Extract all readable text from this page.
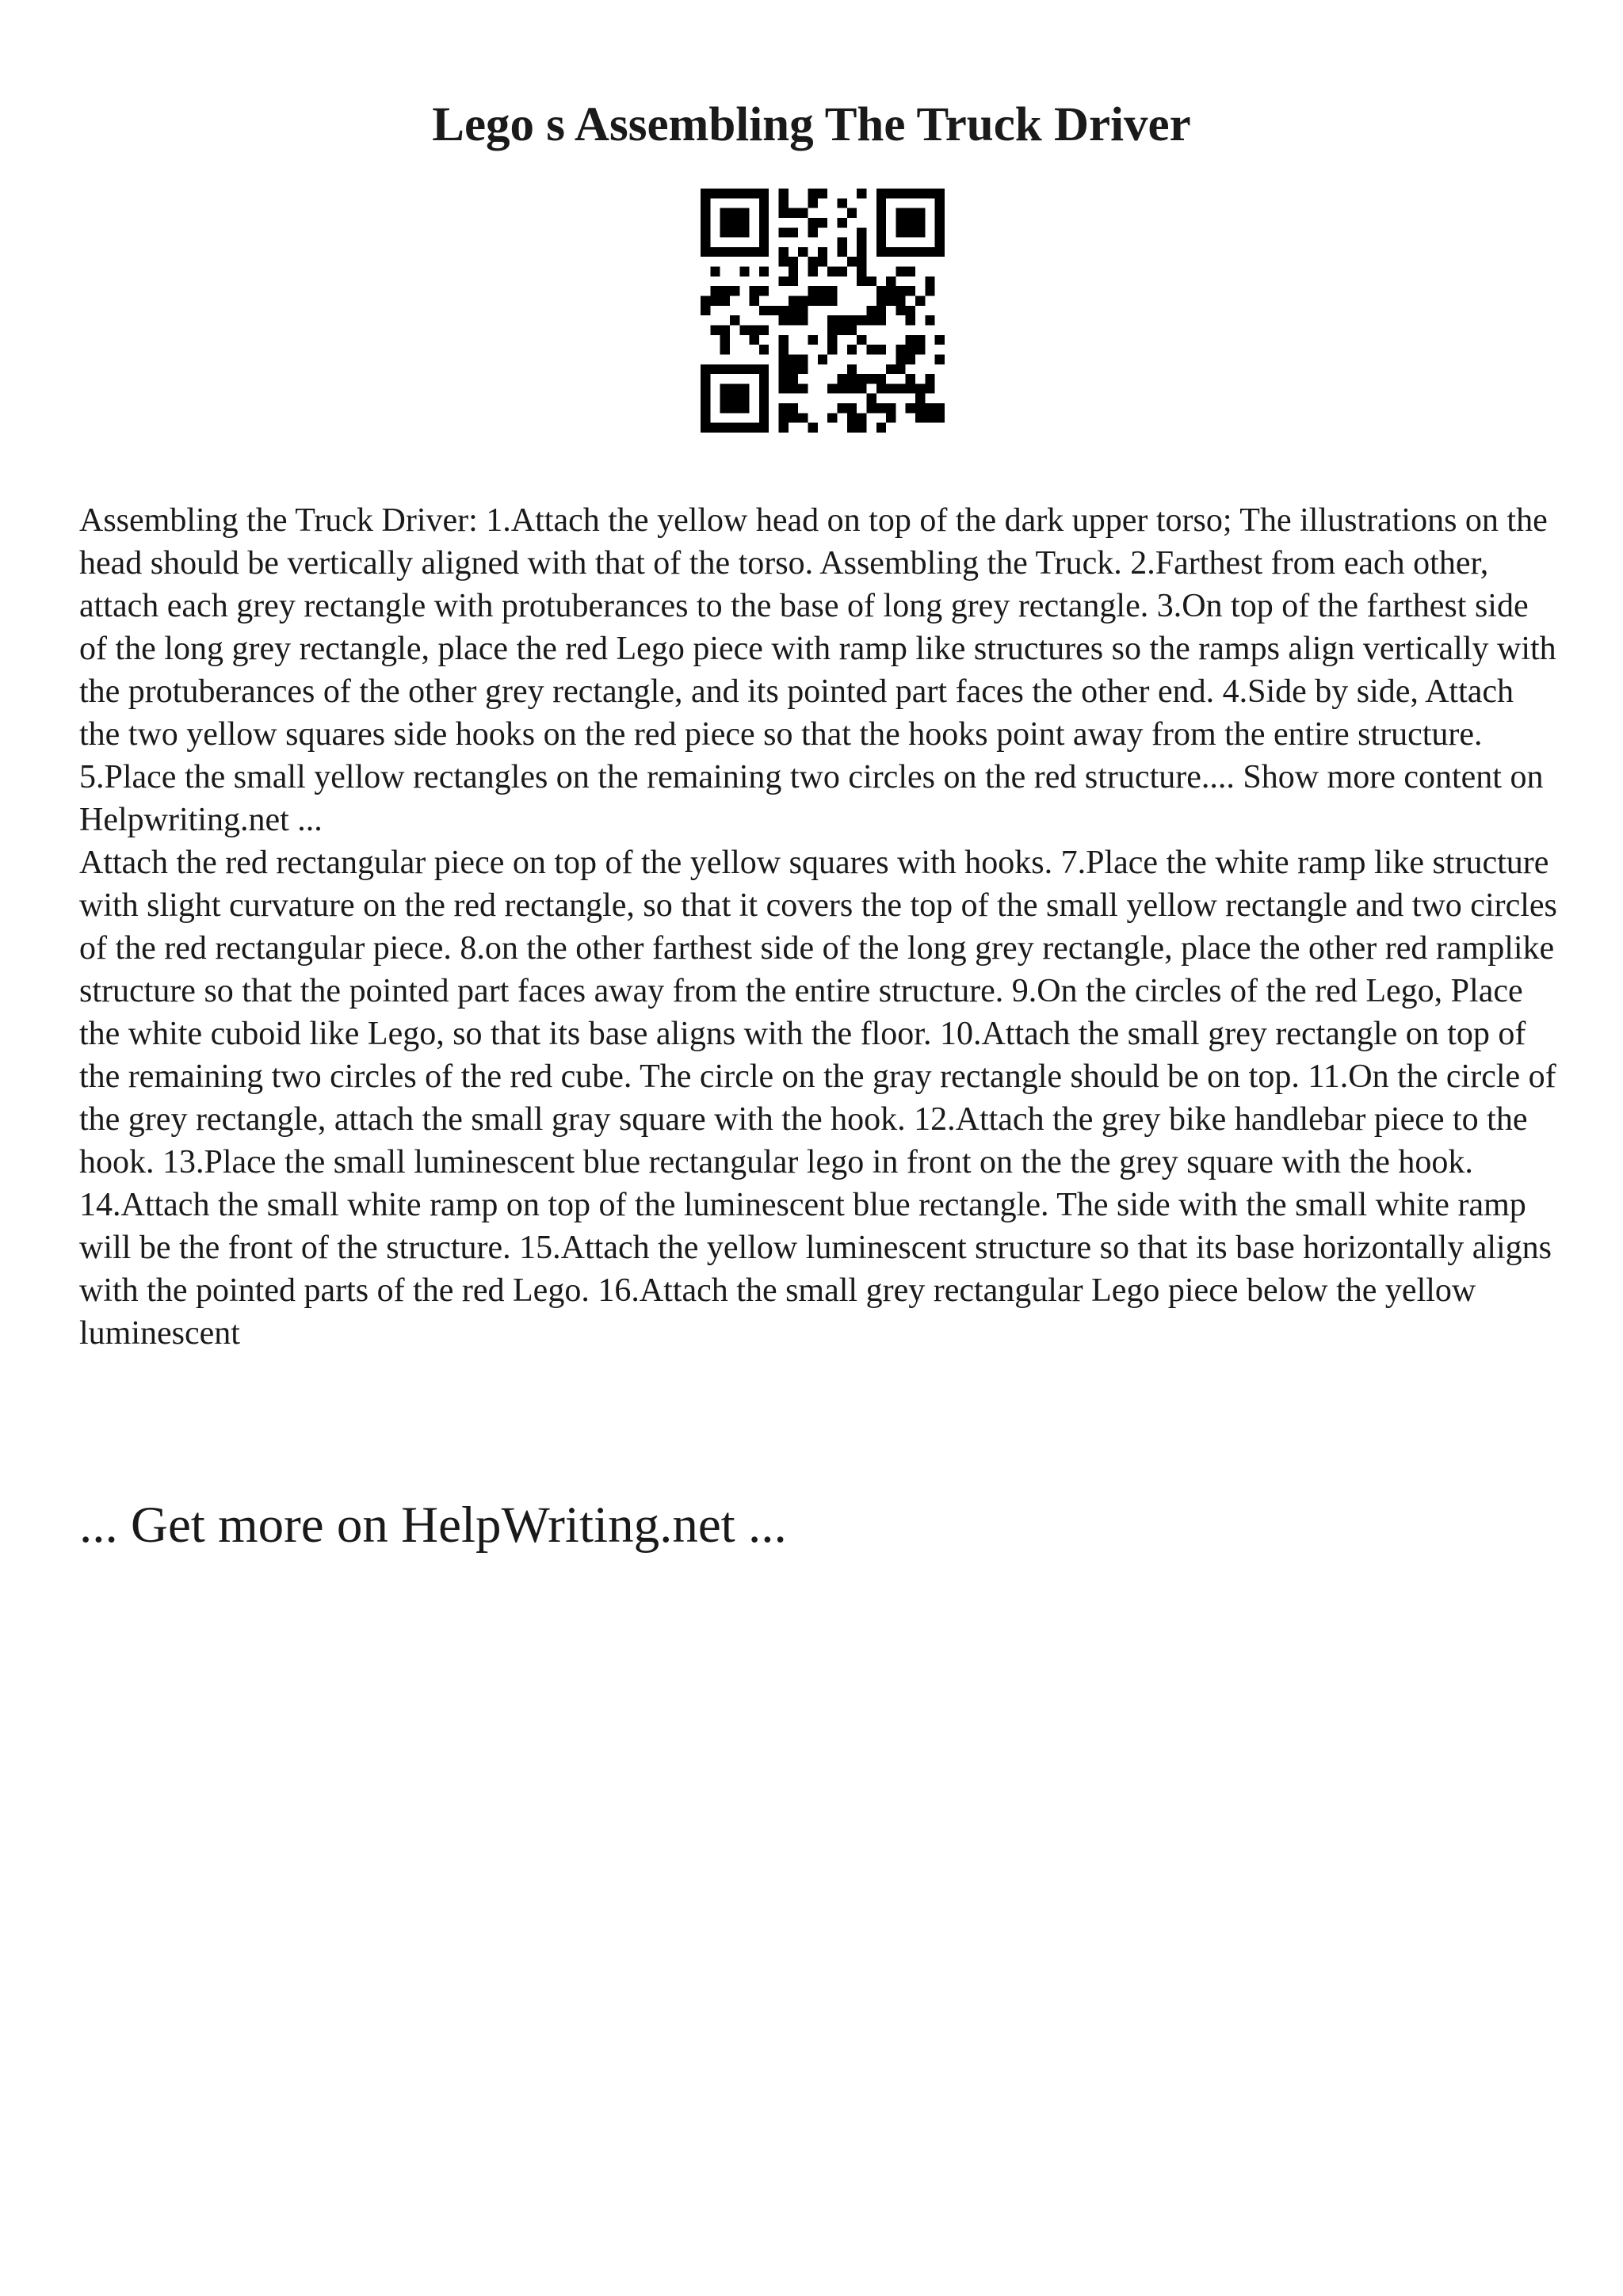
Lego s Assembling The Truck Driver

Assembling the Truck Driver: 1.Attach the yellow head on top of the dark upper torso; The illustrations on the head should be vertically aligned with that of the torso. Assembling the Truck. 2.Farthest from each other, attach each grey rectangle with protuberances to the base of long grey rectangle. 3.On top of the farthest side of the long grey rectangle, place the red Lego piece with ramp like structures so the ramps align vertically with the protuberances of the other grey rectangle, and its pointed part faces the other end. 4.Side by side, Attach the two yellow squares side hooks on the red piece so that the hooks point away from the entire structure. 5.Place the small yellow rectangles on the remaining two circles on the red structure.... Show more content on Helpwriting.net ...

Attach the red rectangular piece on top of the yellow squares with hooks. 7.Place the white ramp like structure with slight curvature on the red rectangle, so that it covers the top of the small yellow rectangle and two circles of the red rectangular piece. 8.on the other farthest side of the long grey rectangle, place the other red ramplike structure so that the pointed part faces away from the entire structure. 9.On the circles of the red Lego, Place the white cuboid like Lego, so that its base aligns with the floor. 10.Attach the small grey rectangle on top of the remaining two circles of the red cube. The circle on the gray rectangle should be on top. 11.On the circle of the grey rectangle, attach the small gray square with the hook. 12.Attach the grey bike handlebar piece to the hook. 13.Place the small luminescent blue rectangular lego in front on the the grey square with the hook. 14.Attach the small white ramp on top of the luminescent blue rectangle. The side with the small white ramp will be the front of the structure. 15.Attach the yellow luminescent structure so that its base horizontally aligns with the pointed parts of the red Lego. 16.Attach the small grey rectangular Lego piece below the yellow luminescent

... Get more on HelpWriting.net ...
